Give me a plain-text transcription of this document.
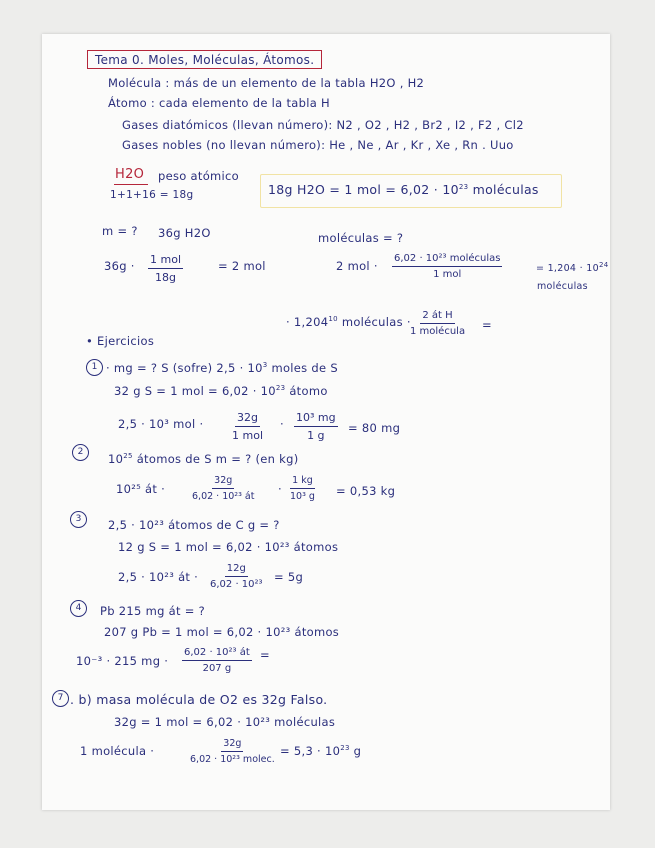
Tema 0. Moles, Moléculas, Átomos.
Molécula : más de un elemento de la tabla H2O , H2
Átomo : cada elemento de la tabla H
Gases diatómicos (llevan número): N2 , O2 , H2 , Br2 , I2 , F2 , Cl2
Gases nobles (no llevan número): He , Ne , Ar , Kr , Xe , Rn . Uuo
H2O peso atómico
1+1+16 = 18g	18g H2O = 1 mol = $6,02 \cdot 10^{23}$ moléculas
m = ? 36g H2O	moléculas = ?
36g · 1 mol
18g
= 2 mol	2 mol ·
6,02 · 10²³ moléculas
1 mol
= $1,204 \cdot 10^{24}$
moléculas
· $1,204^{10}$ moléculas · 2 át H
1 molécula =
• Ejercicios
1 · mg = ? S (sofre) $2,5 \cdot 10^3$ moles de S
32 g S = 1 mol = $6,02 \cdot 10^{23}$ átomo
2,5 · 10³ mol ·	32g
1 mol
· $\frac{\text{10³ mg}}{1 g} = 80$ mg
2	$10^{25}$ átomos de S m = ? (en kg)
10²⁵ át ·	$\frac{32g}{\text{6,02 · 10²³ át}} \cdot \frac{1 kg}{\text{10³ g}} = 0,53$ kg
3	2,5 · 10²³ átomos de C g = ?
12 g S = 1 mol = 6,02 · 10²³ átomos
2,5 · 10²³ át · $\frac{12g}{\text{6,02 · 10²³}} = 5g$
4	Pb 215 mg át = ?
207 g Pb = 1 mol = 6,02 · 10²³ átomos
10⁻³ · 215 mg · $\frac{\text{6,02 · 10²³ át}}{207 g}$ =
7 . b) masa molécula de O2 es 32g Falso.
32g = 1 mol = 6,02 · 10²³ moléculas
1 molécula ·
32g
6,02 · 10²³ molec.
= $5,3 \cdot 10^{23}$ g
